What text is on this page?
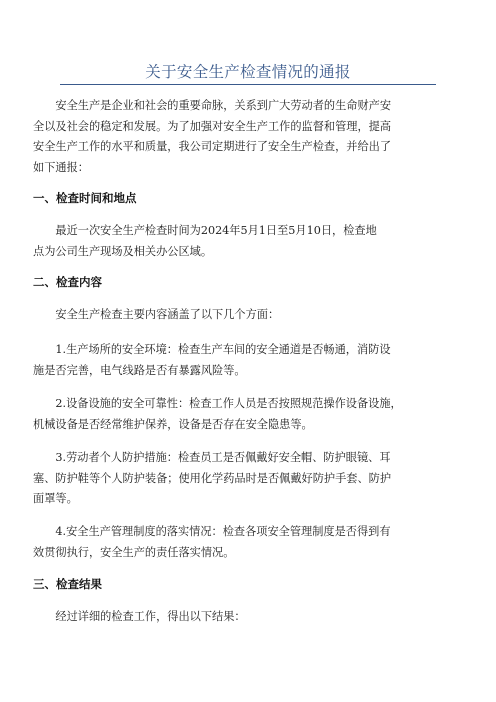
关于安全生产检查情况的通报
安全生产是企业和社会的重要命脉，关系到广大劳动者的生命财产安
全以及社会的稳定和发展。为了加强对安全生产工作的监督和管理，提高
安全生产工作的水平和质量，我公司定期进行了安全生产检查，并给出了
如下通报：
一、检查时间和地点
最近一次安全生产检查时间为2024年5月1日至5月10日，检查地
点为公司生产现场及相关办公区域。
二、检查内容
安全生产检查主要内容涵盖了以下几个方面：
1.生产场所的安全环境：检查生产车间的安全通道是否畅通，消防设
施是否完善，电气线路是否有暴露风险等。
2.设备设施的安全可靠性：检查工作人员是否按照规范操作设备设施，
机械设备是否经常维护保养，设备是否存在安全隐患等。
3.劳动者个人防护措施：检查员工是否佩戴好安全帽、防护眼镜、耳
塞、防护鞋等个人防护装备；使用化学药品时是否佩戴好防护手套、防护
面罩等。
4.安全生产管理制度的落实情况：检查各项安全管理制度是否得到有
效贯彻执行，安全生产的责任落实情况。
三、检查结果
经过详细的检查工作，得出以下结果：
